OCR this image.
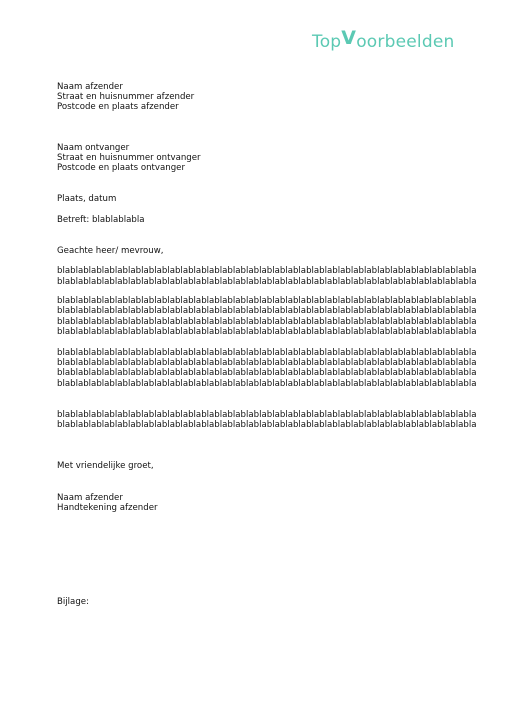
TopVoorbeelden
Naam afzender
Straat en huisnummer afzender
Postcode en plaats afzender
Naam ontvanger
Straat en huisnummer ontvanger
Postcode en plaats ontvanger
Plaats, datum
Betreft: blablablabla
Geachte heer/ mevrouw,
blablablablablablablablablablablablablablablablablablablablablablablablablablablablablablablabla
blablablablablablablablablablablablablablablablablablablablablablablablablablablablablablablabla
blablablablablablablablablablablablablablablablablablablablablablablablablablablablablablablabla
blablablablablablablablablablablablablablablablablablablablablablablablablablablablablablablabla
blablablablablablablablablablablablablablablablablablablablablablablablablablablablablablablabla
blablablablablablablablablablablablablablablablablablablablablablablablablablablablablablablabla
blablablablablablablablablablablablablablablablablablablablablablablablablablablablablablablabla
blablablablablablablablablablablablablablablablablablablablablablablablablablablablablablablabla
blablablablablablablablablablablablablablablablablablablablablablablablablablablablablablablabla
blablablablablablablablablablablablablablablablablablablablablablablablablablablablablablablabla
blablablablablablablablablablablablablablablablablablablablablablablablablablablablablablablabla
blablablablablablablablablablablablablablablablablablablablablablablablablablablablablablablabla
Met vriendelijke groet,
Naam afzender
Handtekening afzender
Bijlage:
